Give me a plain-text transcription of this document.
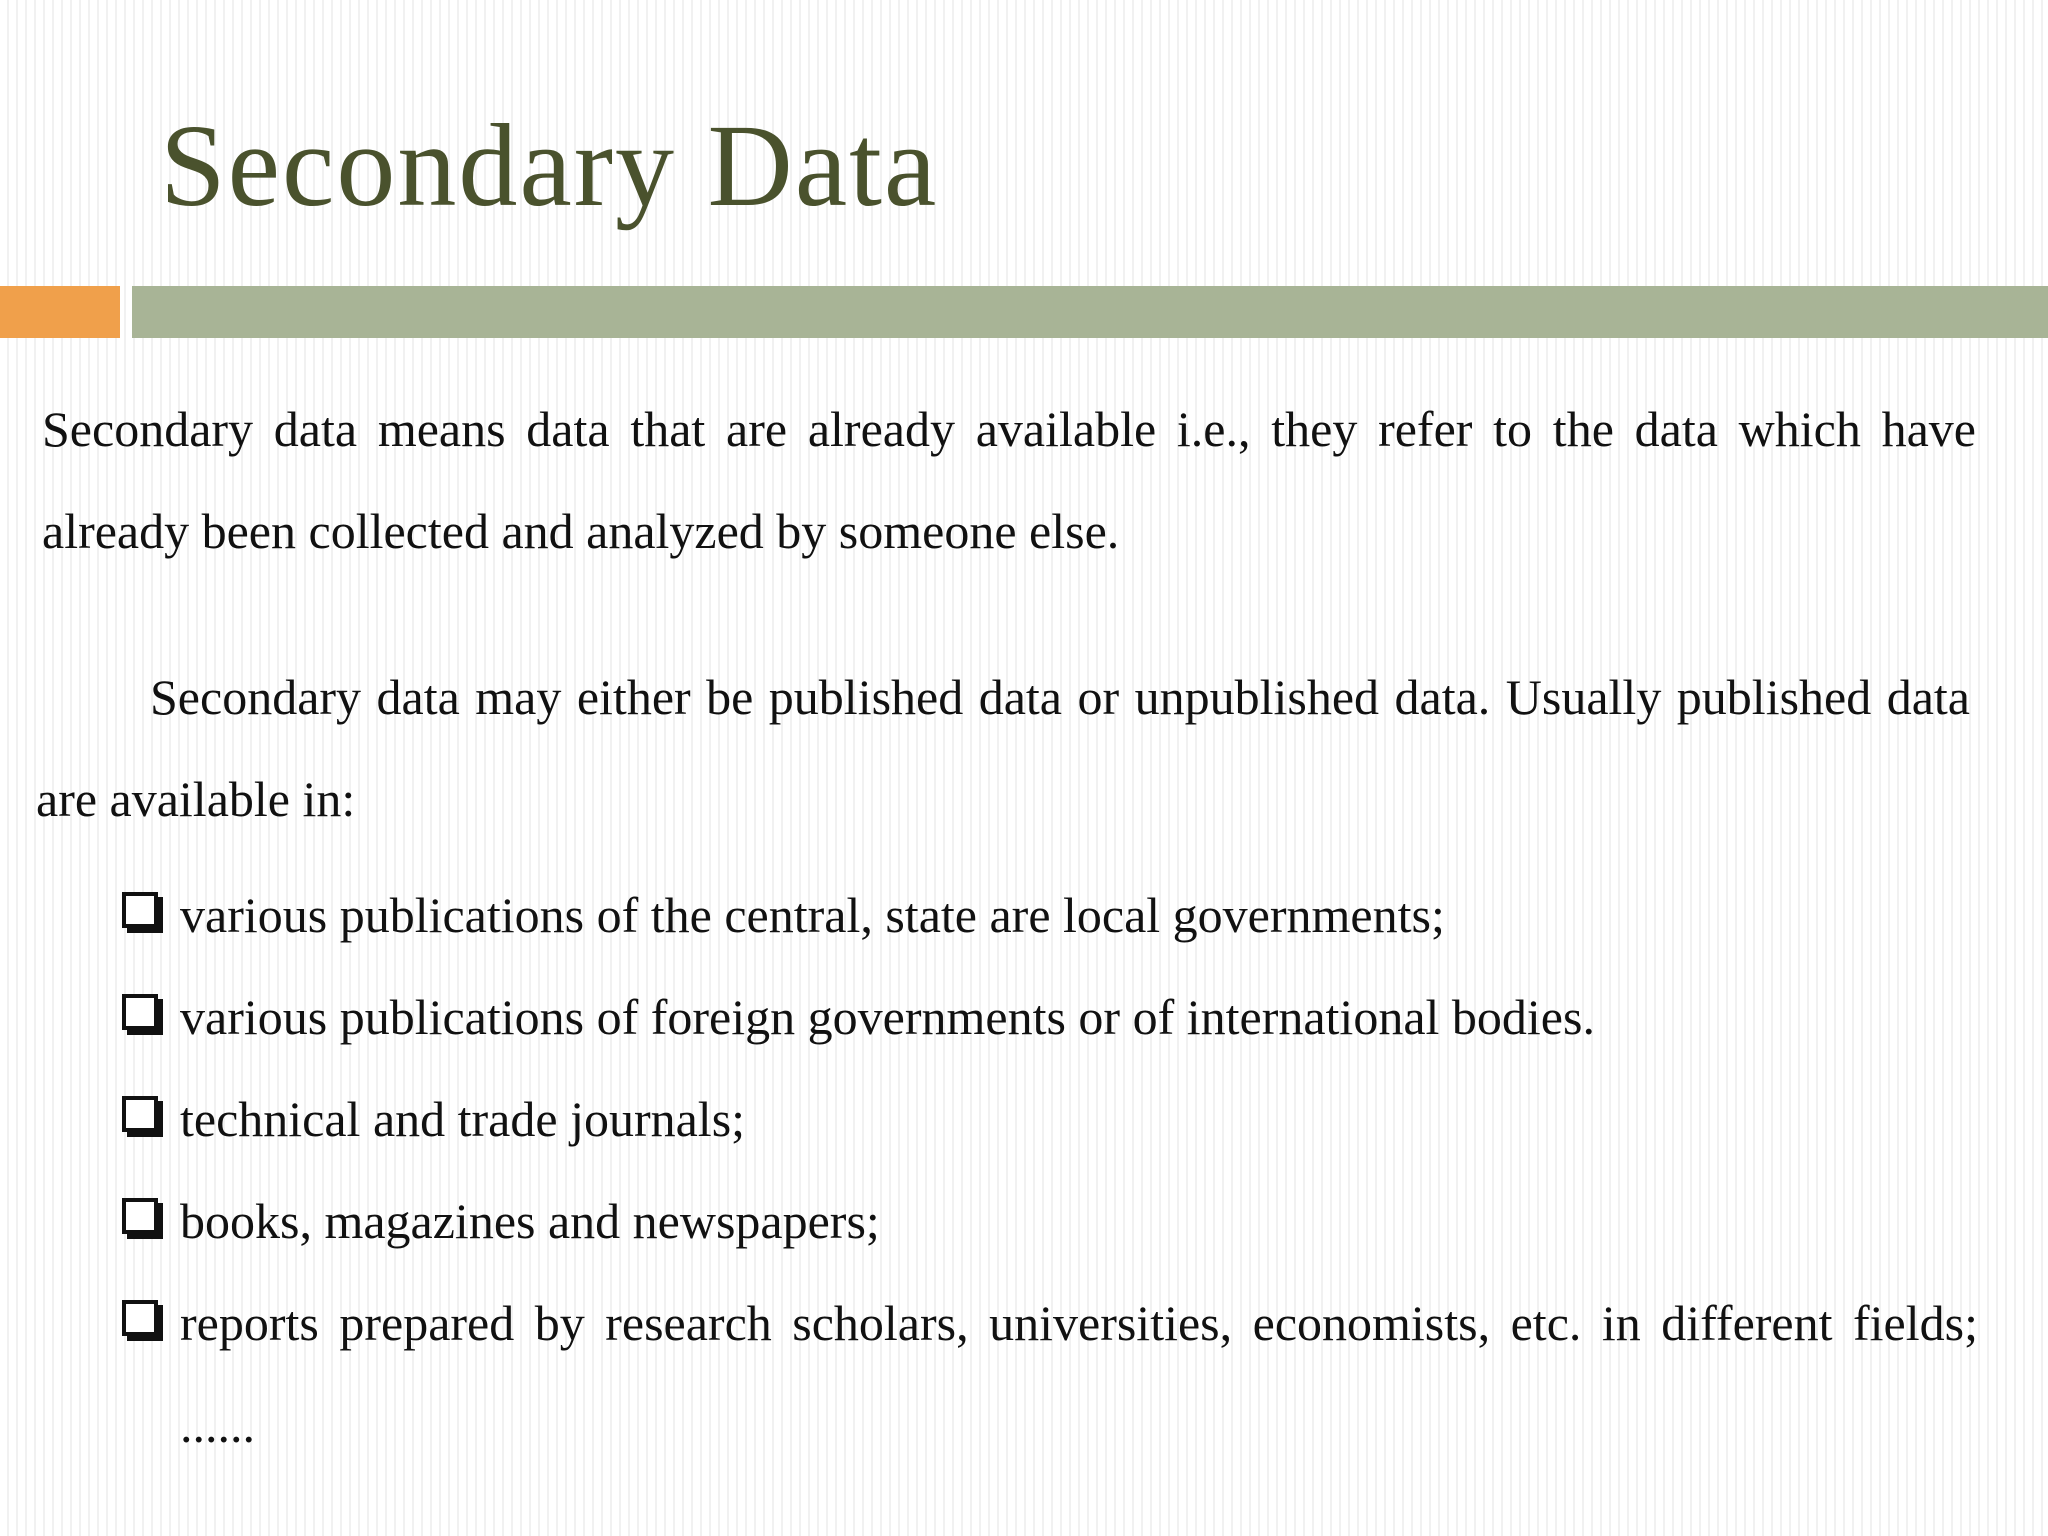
Secondary Data

Secondary data means data that are already available i.e., they refer to the data which have already been collected and analyzed by someone else.

Secondary data may either be published data or unpublished data. Usually published data are available in:

various publications of the central, state are local governments;
various publications of foreign governments or of international bodies.
technical and trade journals;
books, magazines and newspapers;
reports prepared by research scholars, universities, economists, etc. in different fields; ......
